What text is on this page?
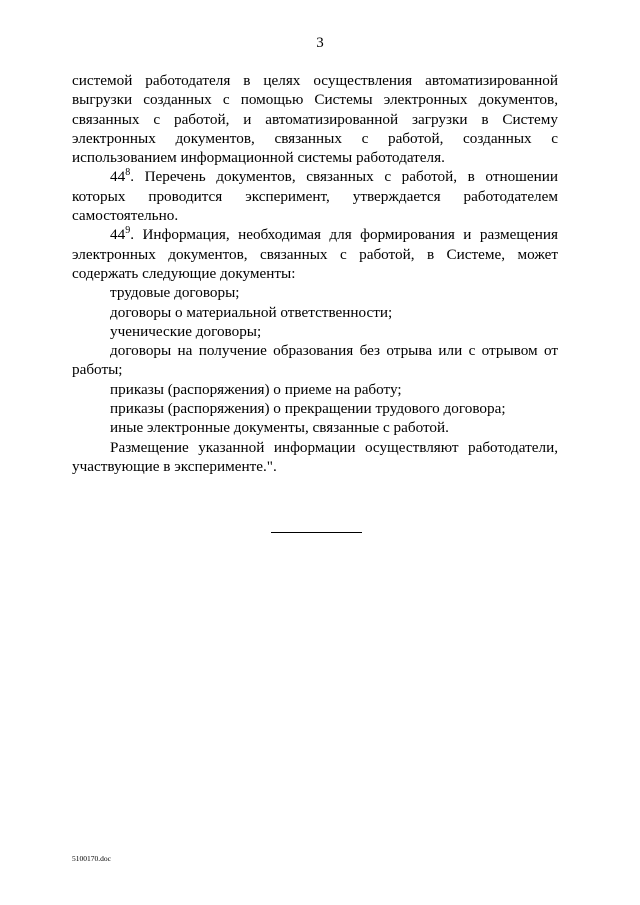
3

системой работодателя в целях осуществления автоматизированной выгрузки созданных с помощью Системы электронных документов, связанных с работой, и автоматизированной загрузки в Систему электронных документов, связанных с работой, созданных с использованием информационной системы работодателя.

$44^8$. Перечень документов, связанных с работой, в отношении которых проводится эксперимент, утверждается работодателем самостоятельно.

$44^9$. Информация, необходимая для формирования и размещения электронных документов, связанных с работой, в Системе, может содержать следующие документы:

трудовые договоры;

договоры о материальной ответственности;

ученические договоры;

договоры на получение образования без отрыва или с отрывом от работы;

приказы (распоряжения) о приеме на работу;

приказы (распоряжения) о прекращении трудового договора;

иные электронные документы, связанные с работой.

Размещение указанной информации осуществляют работодатели, участвующие в эксперименте.".

5100170.doc
